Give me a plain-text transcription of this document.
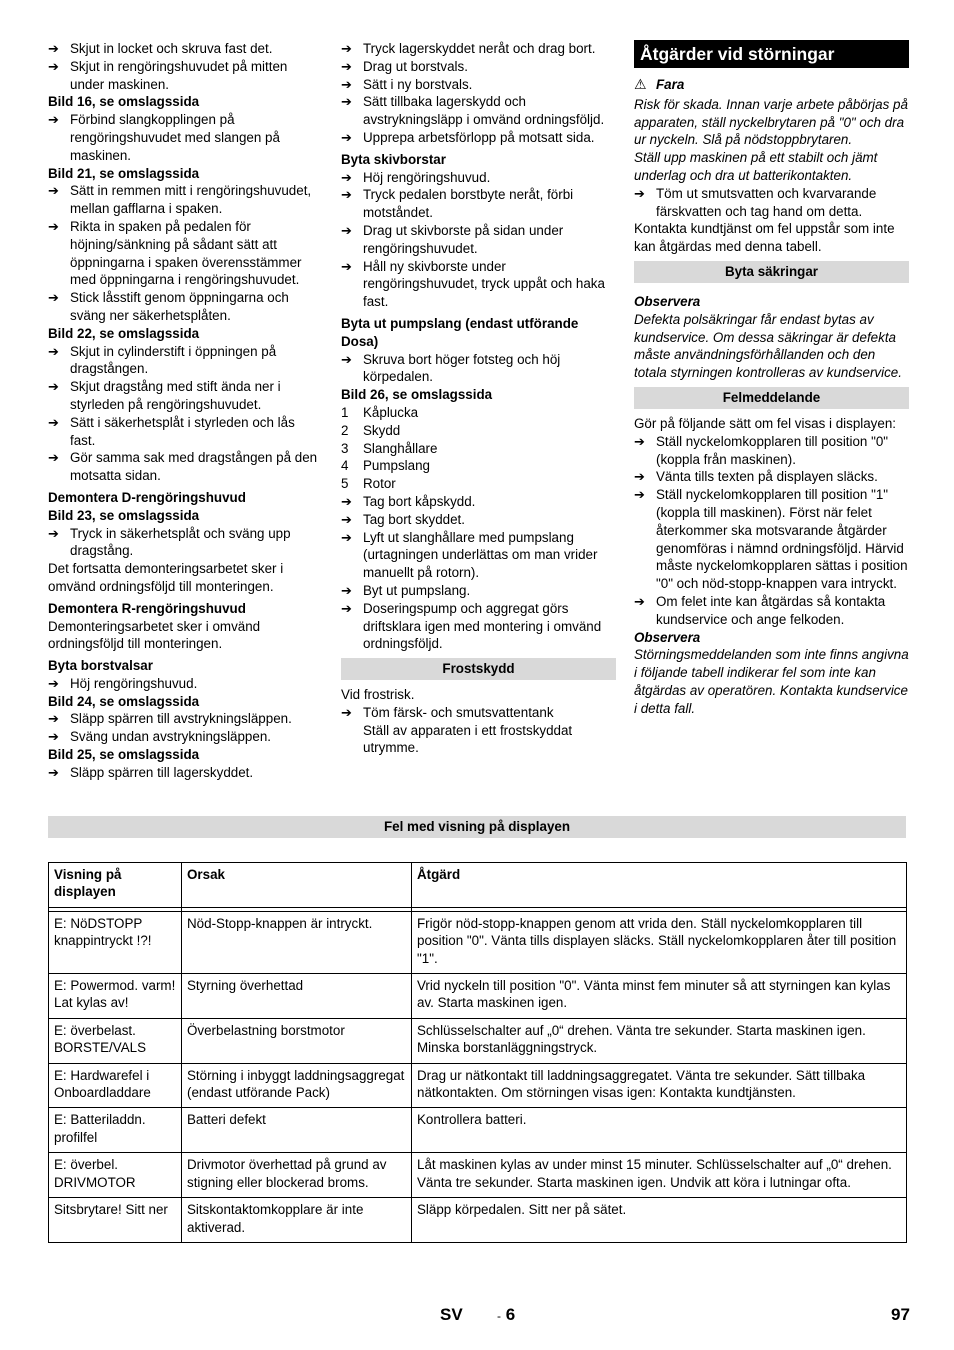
➔ Skjut in locket och skruva fast det.
➔ Skjut in rengöringshuvudet på mitten under maskinen.
Bild 16, se omslagssida
➔ Förbind slangkopplingen på rengöringshuvudet med slangen på maskinen.
Bild 21, se omslagssida
➔ Sätt in remmen mitt i rengöringshuvudet, mellan gafflarna i spaken.
➔ Rikta in spaken på pedalen för höjning/sänkning på sådant sätt att öppningarna i spaken överensstämmer med öppningarna i rengöringshuvudet.
➔ Stick låsstift genom öppningarna och sväng ner säkerhetsplåten.
Bild 22, se omslagssida
➔ Skjut in cylinderstift i öppningen på dragstången.
➔ Skjut dragstång med stift ända ner i styrleden på rengöringshuvudet.
➔ Sätt i säkerhetsplåt i styrleden och lås fast.
➔ Gör samma sak med dragstången på den motsatta sidan.
Demontera D-rengöringshuvud
Bild 23, se omslagssida
➔ Tryck in säkerhetsplåt och sväng upp dragstång.
Det fortsatta demonteringsarbetet sker i omvänd ordningsföljd till monteringen.
Demontera R-rengöringshuvud
Demonteringsarbetet sker i omvänd ordningsföljd till monteringen.
Byta borstvalsar
➔ Höj rengöringshuvud.
Bild 24, se omslagssida
➔ Släpp spärren till avstrykningsläppen.
➔ Sväng undan avstrykningsläppen.
Bild 25, se omslagssida
➔ Släpp spärren till lagerskyddet.
➔ Tryck lagerskyddet neråt och drag bort.
➔ Drag ut borstvals.
➔ Sätt i ny borstvals.
➔ Sätt tillbaka lagerskydd och avstrykningsläpp i omvänd ordningsföljd.
➔ Upprepa arbetsförlopp på motsatt sida.
Byta skivborstar
➔ Höj rengöringshuvud.
➔ Tryck pedalen borstbyte neråt, förbi motståndet.
➔ Drag ut skivborste på sidan under rengöringshuvudet.
➔ Håll ny skivborste under rengöringshuvudet, tryck uppåt och haka fast.
Byta ut pumpslang (endast utförande Dosa)
➔ Skruva bort höger fotsteg och höj körpedalen.
Bild 26, se omslagssida
1	Kåplucka
2	Skydd
3	Slanghållare
4	Pumpslang
5	Rotor
➔ Tag bort kåpskydd.
➔ Tag bort skyddet.
➔ Lyft ut slanghållare med pumpslang (urtagningen underlättas om man vrider manuellt på rotorn).
➔ Byt ut pumpslang.
➔ Doseringspump och aggregat görs driftsklara igen med montering i omvänd ordningsföljd.
Frostskydd
Vid frostrisk.
➔ Töm färsk- och smutsvattentank
Ställ av apparaten i ett frostskyddat utrymme.
Åtgärder vid störningar
⚠ Fara
Risk för skada. Innan varje arbete påbörjas på apparaten, ställ nyckelbrytaren på "0" och dra ur nyckeln. Slå på nödstoppbrytaren.
Ställ upp maskinen på ett stabilt och jämt underlag och dra ut batterikontakten.
➔ Töm ut smutsvatten och kvarvarande färskvatten och tag hand om detta.
Kontakta kundtjänst om fel uppstår som inte kan åtgärdas med denna tabell.
Byta säkringar
Observera
Defekta polsäkringar får endast bytas av kundservice. Om dessa säkringar är defekta måste användningsförhållanden och den totala styrningen kontrolleras av kundservice.
Felmeddelande
Gör på följande sätt om fel visas i displayen:
➔ Ställ nyckelomkopplaren till position "0" (koppla från maskinen).
➔ Vänta tills texten på displayen släcks.
➔ Ställ nyckelomkopplaren till position "1" (koppla till maskinen). Först när felet återkommer ska motsvarande åtgärder genomföras i nämnd ordningsföljd. Härvid måste nyckelomkopplaren sättas i position "0" och nöd-stopp-knappen vara intryckt.
➔ Om felet inte kan åtgärdas så kontakta kundservice och ange felkoden.
Observera
Störningsmeddelanden som inte finns angivna i följande tabell indikerar fel som inte kan åtgärdas av operatören. Kontakta kundservice i detta fall.
Fel med visning på displayen
Visning på displayen	Orsak	Åtgärd

E: NöDSTOPP knappintryckt !?!	Nöd-Stopp-knappen är intryckt.	Frigör nöd-stopp-knappen genom att vrida den. Ställ nyckelomkopplaren till position "0". Vänta tills displayen släcks. Ställ nyckelomkopplaren åter till position "1".
E: Powermod. varm! Lat kylas av!	Styrning överhettad	Vrid nyckeln till position "0". Vänta minst fem minuter så att styrningen kan kylas av. Starta maskinen igen.
E: överbelast. BORSTE/VALS	Överbelastning borstmotor	Schlüsselschalter auf „0“ drehen. Vänta tre sekunder. Starta maskinen igen. Minska borstanläggningstryck.
E: Hardwarefel i Onboardladdare	Störning i inbyggt laddningsaggregat (endast utförande Pack)	Drag ur nätkontakt till laddningsaggregatet. Vänta tre sekunder. Sätt tillbaka nätkontakten. Om störningen visas igen: Kontakta kundtjänsten.
E: Batteriladdn. profilfel	Batteri defekt	Kontrollera batteri.
E: överbel. DRIVMOTOR	Drivmotor överhettad på grund av stigning eller blockerad broms.	Låt maskinen kylas av under minst 15 minuter. Schlüsselschalter auf „0“ drehen. Vänta tre sekunder. Starta maskinen igen. Undvik att köra i lutningar ofta.
Sitsbrytare! Sitt ner	Sitskontaktomkopplare är inte aktiverad.	Släpp körpedalen. Sitt ner på sätet.
SV	- 6	97
